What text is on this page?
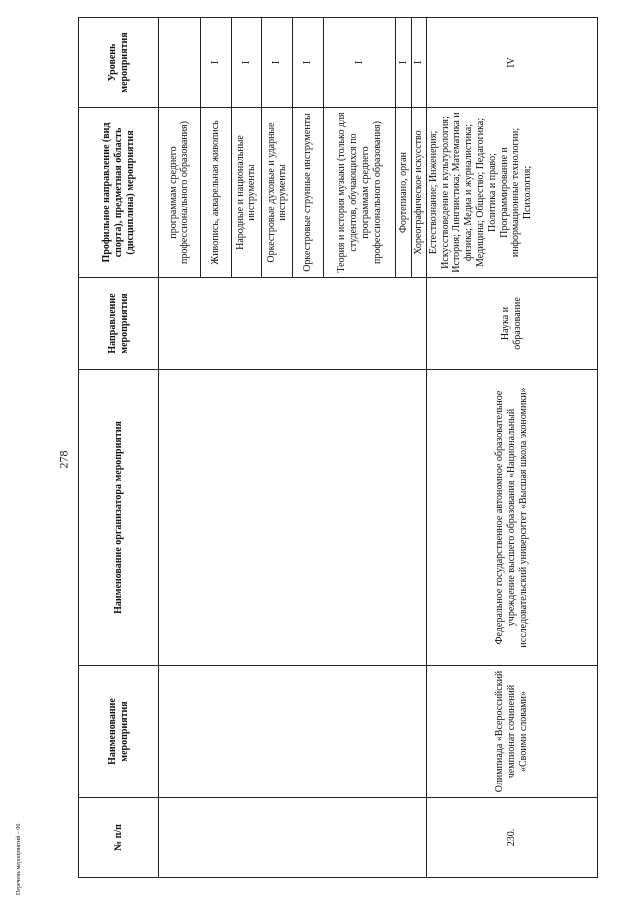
278
Перечень мероприятий – 06	№ п/п	Наименование мероприятия	Наименование организатора мероприятия	Направление мероприятия	Профильное направление (вид спорта), предметная область (дисциплина) мероприятия	Уровень мероприятия
				программам среднего профессионального образования)	
				Живопись, акварельная живопись	I
				Народные и национальные инструменты	I
				Оркестровые духовые и ударные инструменты	I
				Оркестровые струнные инструменты	I
				Теория и история музыки (только для студентов, обучающихся по программам среднего профессионального образования)	I
				Фортепиано, орган	I
				Хореографическое искусство	I
230.	Олимпиада «Всероссийский чемпионат сочинений «Своими словами»	Федеральное государственное автономное образовательное учреждение высшего образования «Национальный исследовательский университет «Высшая школа экономики»	Наука и образование	Естествознание; Инженерия; Искусствоведение и культурология; История; Лингвистика; Математика и физика; Медиа и журналистика; Медицина; Общество; Педагогика; Политика и право; Программирование и информационные технологии; Психология;	IV
